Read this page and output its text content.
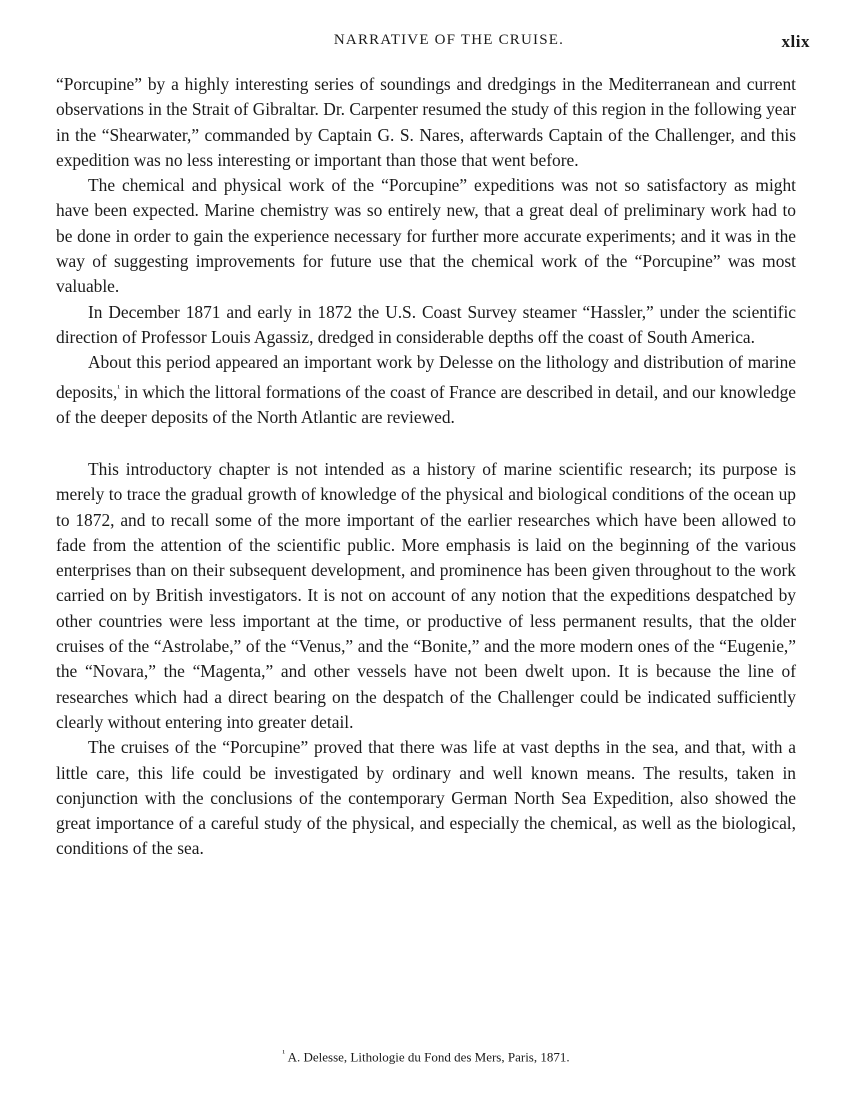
NARRATIVE OF THE CRUISE.	xlix

“Porcupine” by a highly interesting series of soundings and dredgings in the Mediterranean and current observations in the Strait of Gibraltar. Dr. Carpenter resumed the study of this region in the following year in the “Shearwater,” commanded by Captain G. S. Nares, afterwards Captain of the Challenger, and this expedition was no less interesting or important than those that went before.

The chemical and physical work of the “Porcupine” expeditions was not so satisfactory as might have been expected. Marine chemistry was so entirely new, that a great deal of preliminary work had to be done in order to gain the experience necessary for further more accurate experiments; and it was in the way of suggesting improvements for future use that the chemical work of the “Porcupine” was most valuable.

In December 1871 and early in 1872 the U.S. Coast Survey steamer “Hassler,” under the scientific direction of Professor Louis Agassiz, dredged in considerable depths off the coast of South America.

About this period appeared an important work by Delesse on the lithology and distribution of marine deposits,$^{^1}$ in which the littoral formations of the coast of France are described in detail, and our knowledge of the deeper deposits of the North Atlantic are reviewed.

This introductory chapter is not intended as a history of marine scientific research; its purpose is merely to trace the gradual growth of knowledge of the physical and biological conditions of the ocean up to 1872, and to recall some of the more important of the earlier researches which have been allowed to fade from the attention of the scientific public. More emphasis is laid on the beginning of the various enterprises than on their subsequent development, and prominence has been given throughout to the work carried on by British investigators. It is not on account of any notion that the expeditions despatched by other countries were less important at the time, or productive of less permanent results, that the older cruises of the “Astrolabe,” of the “Venus,” and the “Bonite,” and the more modern ones of the “Eugenie,” the “Novara,” the “Magenta,” and other vessels have not been dwelt upon. It is because the line of researches which had a direct bearing on the despatch of the Challenger could be indicated sufficiently clearly without entering into greater detail.

The cruises of the “Porcupine” proved that there was life at vast depths in the sea, and that, with a little care, this life could be investigated by ordinary and well known means. The results, taken in conjunction with the conclusions of the contemporary German North Sea Expedition, also showed the great importance of a careful study of the physical, and especially the chemical, as well as the biological, conditions of the sea.

$^{^1}$ A. Delesse, Lithologie du Fond des Mers, Paris, 1871.
